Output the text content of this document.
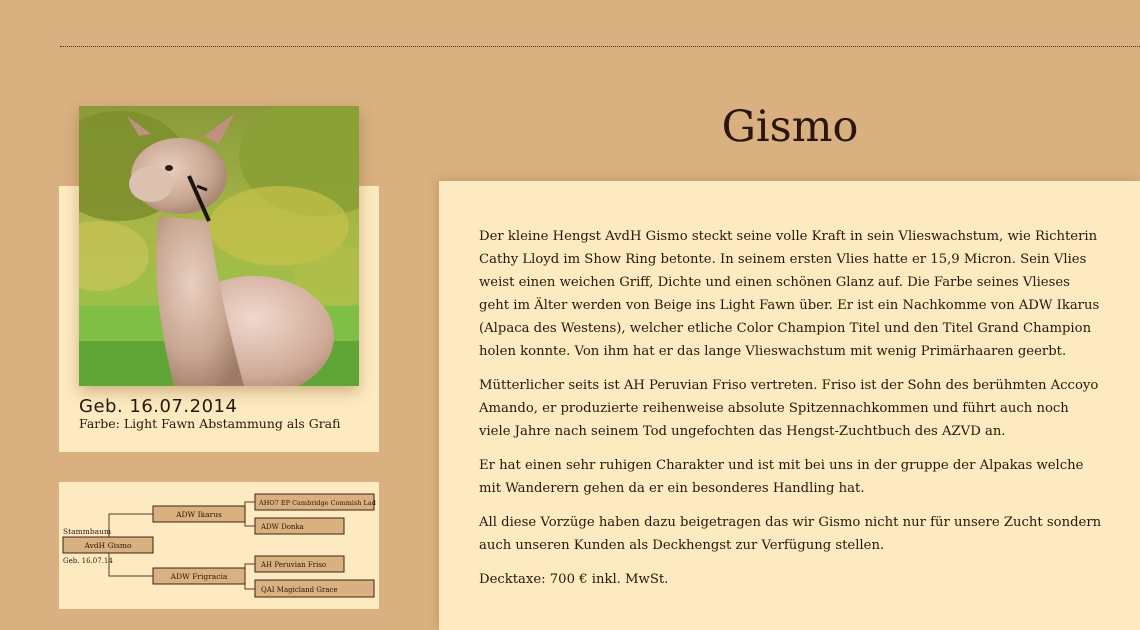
Geb. 16.07.2014
Farbe: Light Fawn Abstammung als Grafi
Stammbaum
AvdH Gismo
Geb. 16.07.14
ADW Ikarus
ADW Frigracia
AHO7 EP Cambridge Commish Lad
ADW Donka
AH Peruvian Friso
QAI Magicland Grace
Gismo

Der kleine Hengst AvdH Gismo steckt seine volle Kraft in sein Vlieswachstum, wie Richterin Cathy Lloyd im Show Ring betonte. In seinem ersten Vlies hatte er 15,9 Micron. Sein Vlies weist einen weichen Griff, Dichte und einen schönen Glanz auf. Die Farbe seines Vlieses geht im Älter werden von Beige ins Light Fawn über. Er ist ein Nachkomme von ADW Ikarus (Alpaca des Westens), welcher etliche Color Champion Titel und den Titel Grand Champion holen konnte. Von ihm hat er das lange Vlieswachstum mit wenig Primärhaaren geerbt.

Mütterlicher seits ist AH Peruvian Friso vertreten. Friso ist der Sohn des berühmten Accoyo Amando, er produzierte reihenweise absolute Spitzennachkommen und führt auch noch viele Jahre nach seinem Tod ungefochten das Hengst-Zuchtbuch des AZVD an.

Er hat einen sehr ruhigen Charakter und ist mit bei uns in der gruppe der Alpakas welche mit Wanderern gehen da er ein besonderes Handling hat.

All diese Vorzüge haben dazu beigetragen das wir Gismo nicht nur für unsere Zucht sondern auch unseren Kunden als Deckhengst zur Verfügung stellen.

Decktaxe: 700 € inkl. MwSt.
